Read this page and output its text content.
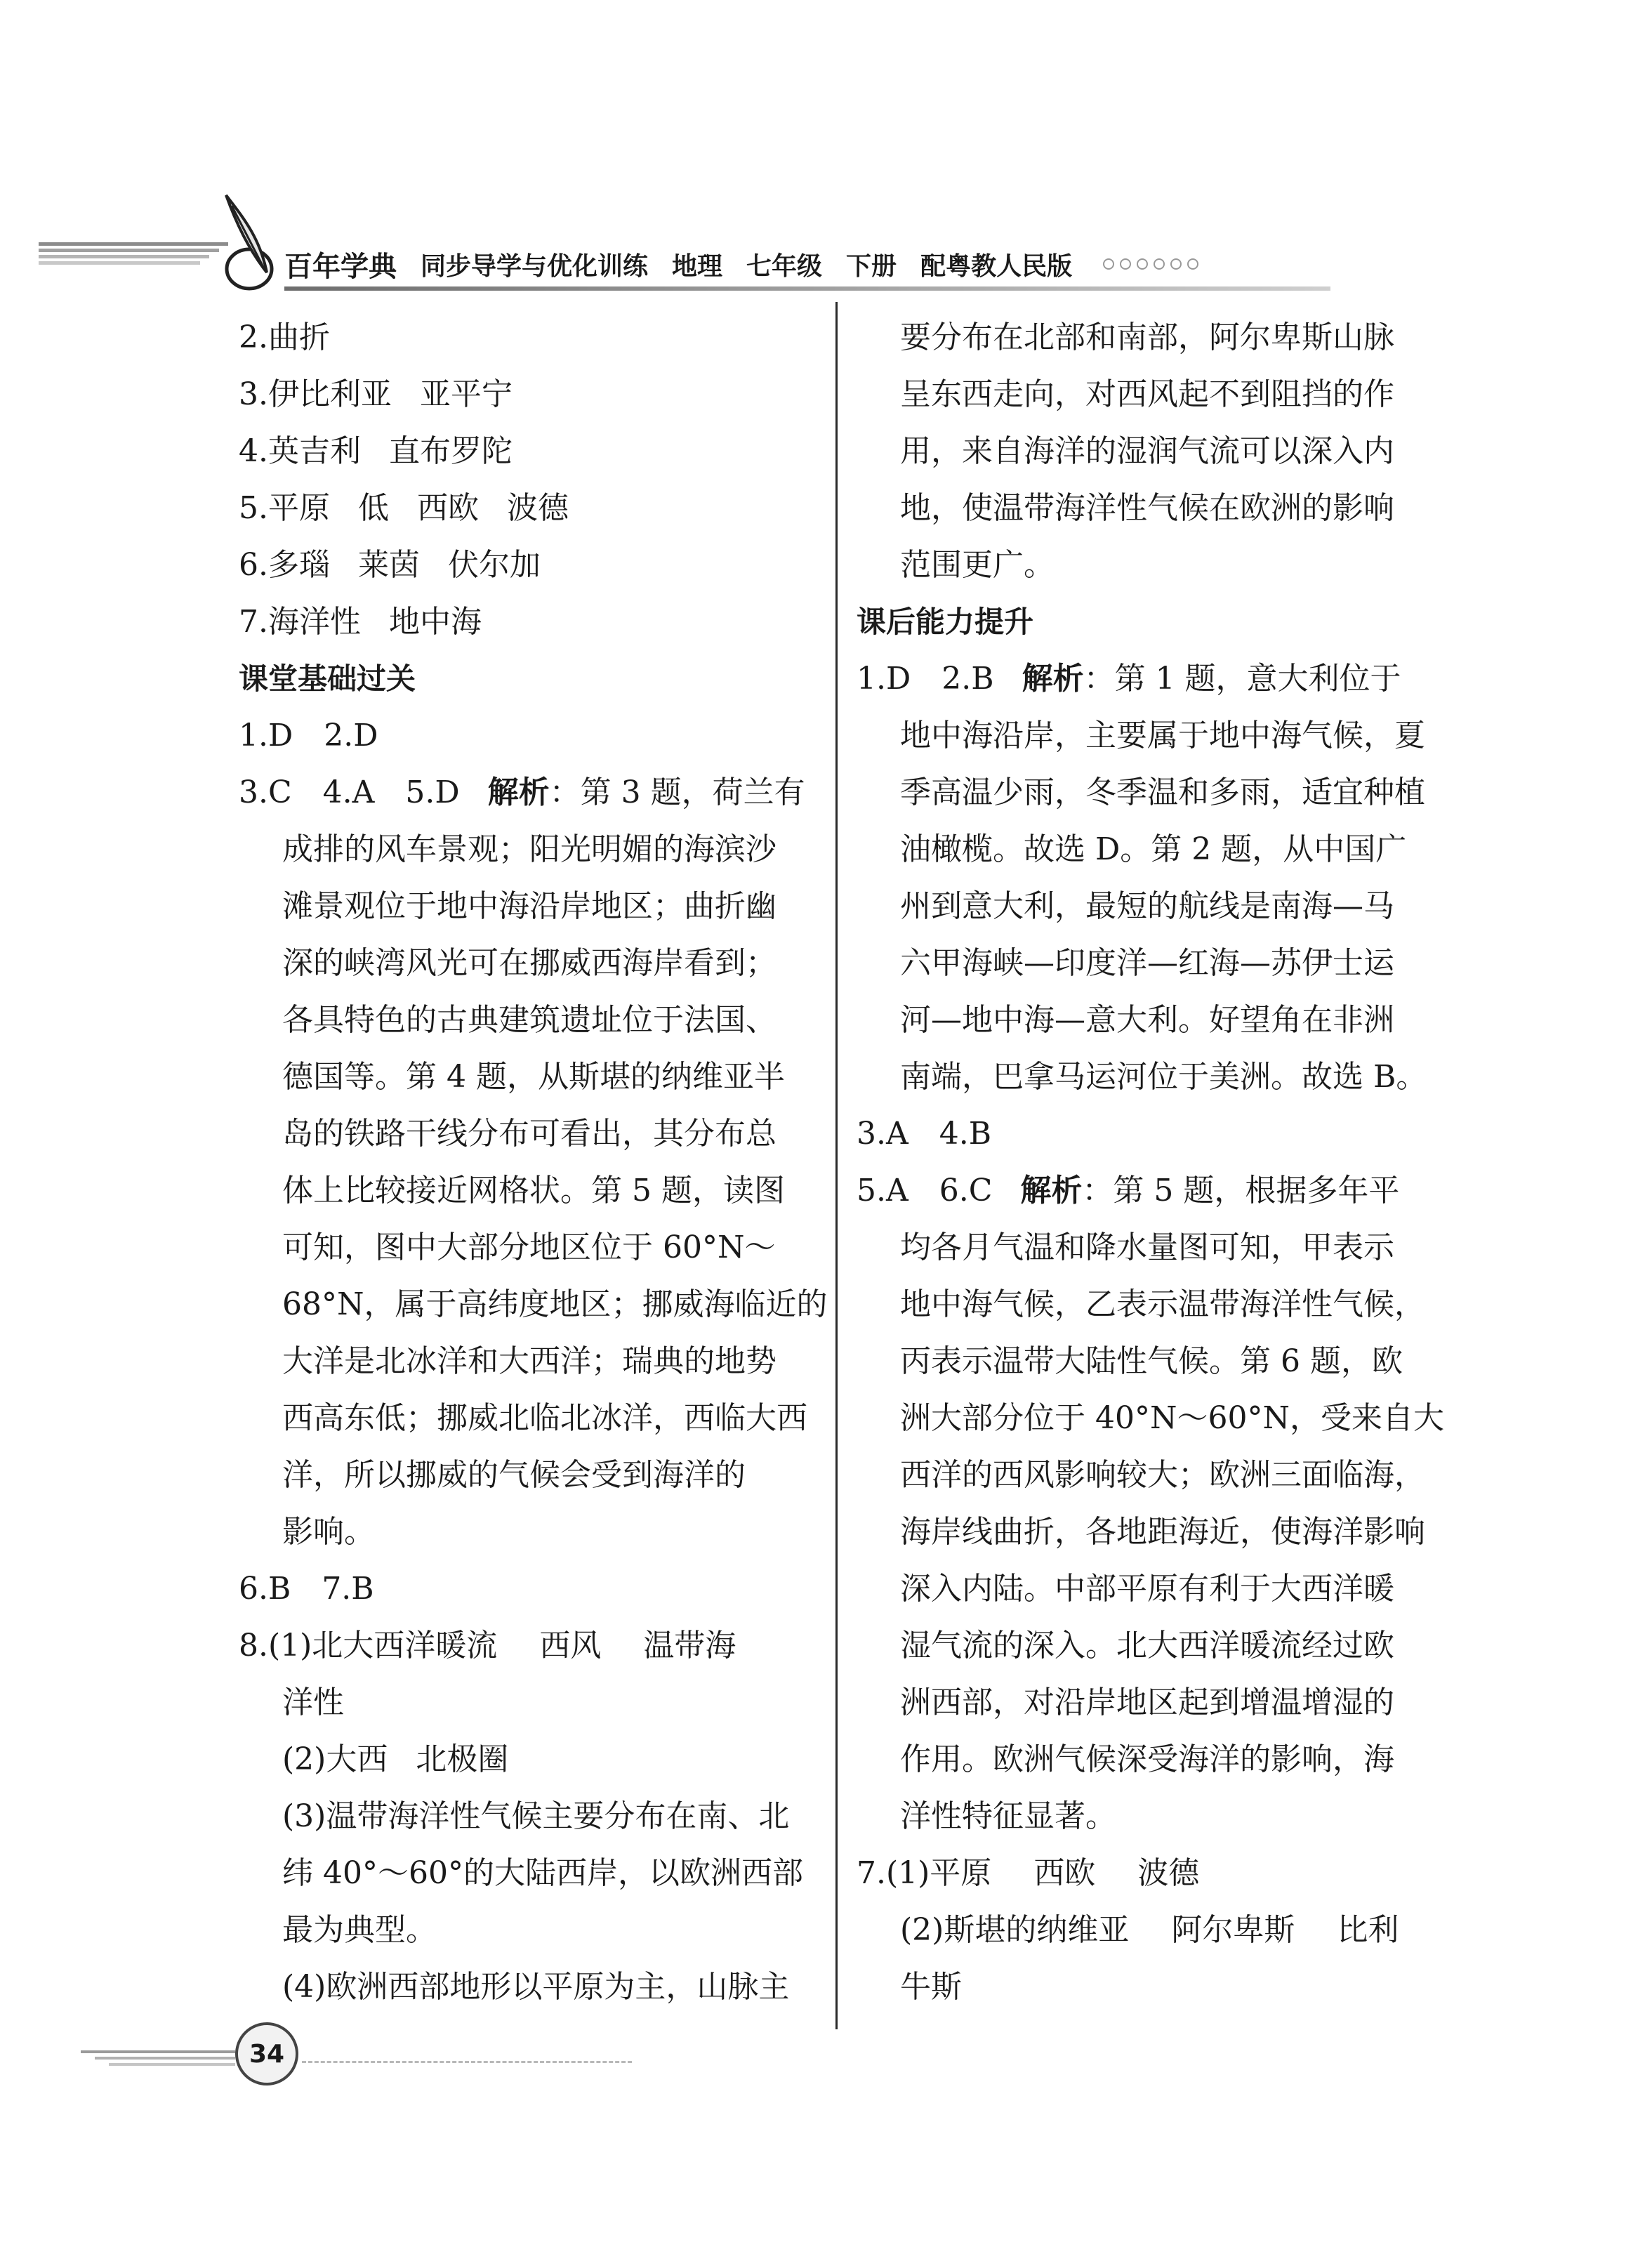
百年学典 同步导学与优化训练 地理 七年级 下册 配粤教人民版
2.曲折
3.伊比利亚 亚平宁
4.英吉利 直布罗陀
5.平原 低 西欧 波德
6.多瑙 莱茵 伏尔加
7.海洋性 地中海
课堂基础过关
1.D　2.D
3.C　4.A　5.D 解析：第 3 题，荷兰有
成排的风车景观；阳光明媚的海滨沙
滩景观位于地中海沿岸地区；曲折幽
深的峡湾风光可在挪威西海岸看到；
各具特色的古典建筑遗址位于法国、
德国等。第 4 题，从斯堪的纳维亚半
岛的铁路干线分布可看出，其分布总
体上比较接近网格状。第 5 题，读图
可知，图中大部分地区位于 60°N～
68°N，属于高纬度地区；挪威海临近的
大洋是北冰洋和大西洋；瑞典的地势
西高东低；挪威北临北冰洋，西临大西
洋，所以挪威的气候会受到海洋的
影响。
6.B　7.B
8.(1)北大西洋暖流 西风 温带海
洋性
(2)大西 北极圈
(3)温带海洋性气候主要分布在南、北
纬 40°～60°的大陆西岸，以欧洲西部
最为典型。
(4)欧洲西部地形以平原为主，山脉主
要分布在北部和南部，阿尔卑斯山脉
呈东西走向，对西风起不到阻挡的作
用，来自海洋的湿润气流可以深入内
地，使温带海洋性气候在欧洲的影响
范围更广。
课后能力提升
1.D　2.B 解析：第 1 题，意大利位于
地中海沿岸，主要属于地中海气候，夏
季高温少雨，冬季温和多雨，适宜种植
油橄榄。故选 D。第 2 题，从中国广
州到意大利，最短的航线是南海—马
六甲海峡—印度洋—红海—苏伊士运
河—地中海—意大利。好望角在非洲
南端，巴拿马运河位于美洲。故选 B。
3.A　4.B
5.A　6.C 解析：第 5 题，根据多年平
均各月气温和降水量图可知，甲表示
地中海气候，乙表示温带海洋性气候，
丙表示温带大陆性气候。第 6 题，欧
洲大部分位于 40°N～60°N，受来自大
西洋的西风影响较大；欧洲三面临海，
海岸线曲折，各地距海近，使海洋影响
深入内陆。中部平原有利于大西洋暖
湿气流的深入。北大西洋暖流经过欧
洲西部，对沿岸地区起到增温增湿的
作用。欧洲气候深受海洋的影响，海
洋性特征显著。
7.(1)平原 西欧 波德
(2)斯堪的纳维亚 阿尔卑斯 比利
牛斯
34
